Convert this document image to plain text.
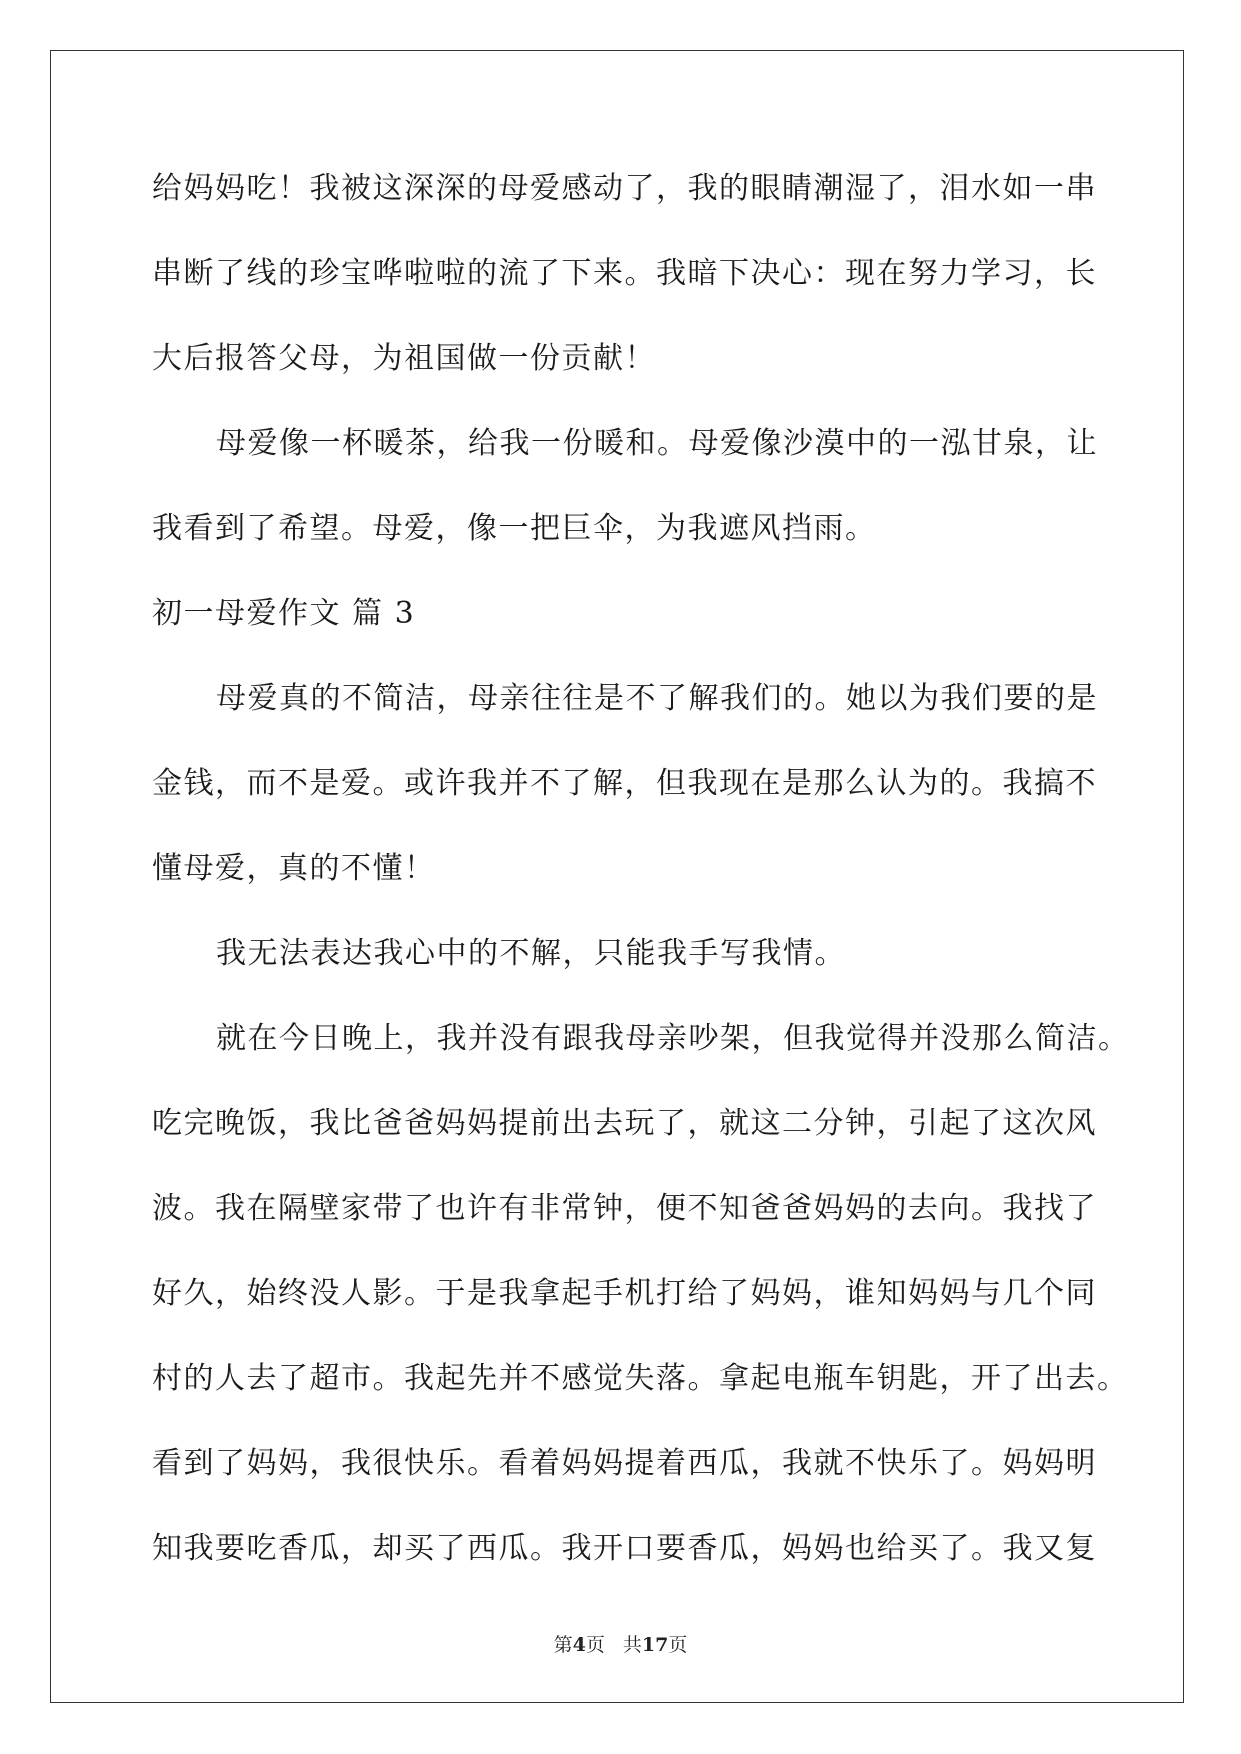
给妈妈吃！我被这深深的母爱感动了，我的眼睛潮湿了，泪水如一串
串断了线的珍宝哗啦啦的流了下来。我暗下决心：现在努力学习，长
大后报答父母，为祖国做一份贡献！
母爱像一杯暖茶，给我一份暖和。母爱像沙漠中的一泓甘泉，让
我看到了希望。母爱，像一把巨伞，为我遮风挡雨。
初一母爱作文 篇 3
母爱真的不简洁，母亲往往是不了解我们的。她以为我们要的是
金钱，而不是爱。或许我并不了解，但我现在是那么认为的。我搞不
懂母爱，真的不懂！
我无法表达我心中的不解，只能我手写我情。
就在今日晚上，我并没有跟我母亲吵架，但我觉得并没那么简洁。
吃完晚饭，我比爸爸妈妈提前出去玩了，就这二分钟，引起了这次风
波。我在隔壁家带了也许有非常钟，便不知爸爸妈妈的去向。我找了
好久，始终没人影。于是我拿起手机打给了妈妈，谁知妈妈与几个同
村的人去了超市。我起先并不感觉失落。拿起电瓶车钥匙，开了出去。
看到了妈妈，我很快乐。看着妈妈提着西瓜，我就不快乐了。妈妈明
知我要吃香瓜，却买了西瓜。我开口要香瓜，妈妈也给买了。我又复
第4页 共17页
